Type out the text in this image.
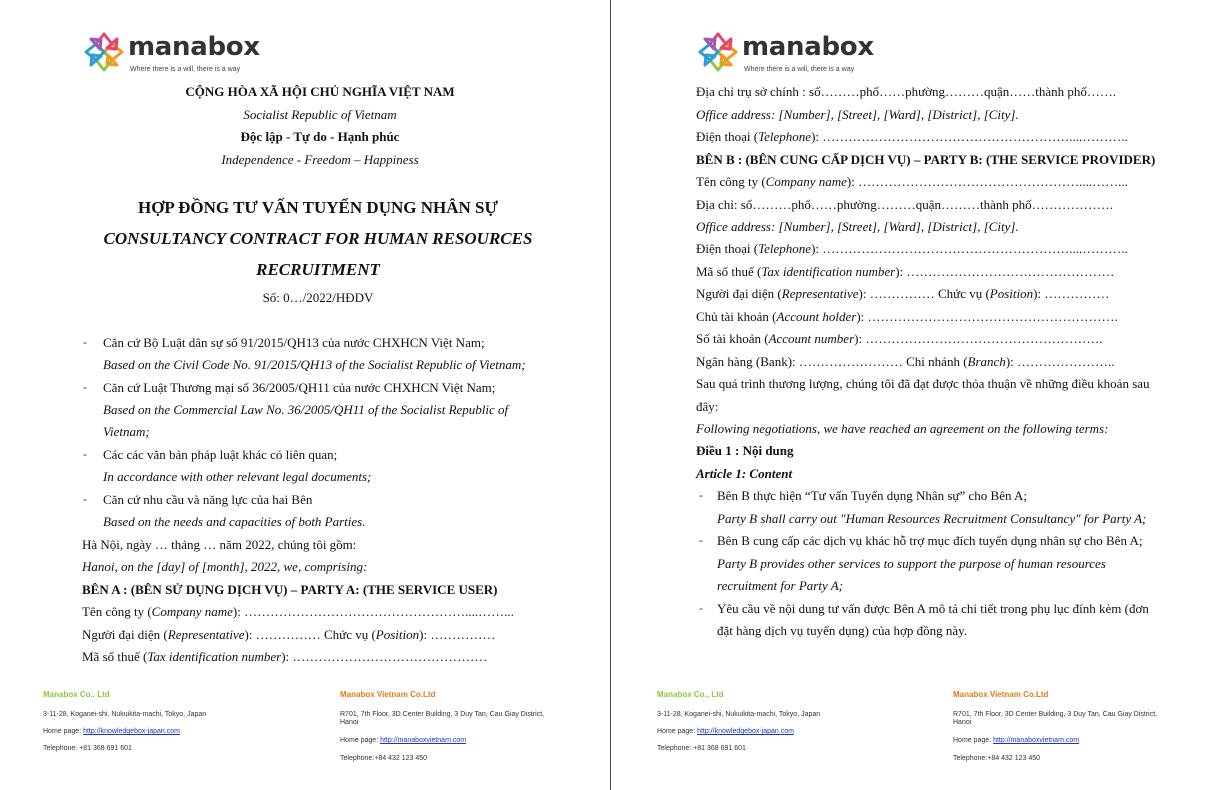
manabox
Where there is a will, there is a way
CỘNG HÒA XÃ HỘI CHỦ NGHĨA VIỆT NAM
Socialist Republic of Vietnam
Độc lập - Tự do - Hạnh phúc
Independence - Freedom – Happiness
HỢP ĐỒNG TƯ VẤN TUYỂN DỤNG NHÂN SỰ
CONSULTANCY CONTRACT FOR HUMAN RESOURCES
RECRUITMENT
Số: 0…/2022/HĐDV
- Căn cứ Bộ Luật dân sự số 91/2015/QH13 của nước CHXHCN Việt Nam;
Based on the Civil Code No. 91/2015/QH13 of the Socialist Republic of Vietnam;
- Căn cứ Luật Thương mại số 36/2005/QH11 của nước CHXHCN Việt Nam;
Based on the Commercial Law No. 36/2005/QH11 of the Socialist Republic of
Vietnam;
- Các các văn bản pháp luật khác có liên quan;
In accordance with other relevant legal documents;
- Căn cứ nhu cầu và năng lực của hai Bên
Based on the needs and capacities of both Parties.
Hà Nội, ngày … tháng … năm 2022, chúng tôi gồm:
Hanoi, on the [day] of [month], 2022, we, comprising:
BÊN A : (BÊN SỬ DỤNG DỊCH VỤ) – PARTY A: (THE SERVICE USER)
Tên công ty (Company name): ……………………………………………....……...
Người đại diện (Representative): …………… Chức vụ (Position): ……………
Mã số thuế (Tax identification number): ………………………………………
Manabox Co., Ltd
3-11-28, Koganei-shi, Nukuikita-machi, Tokyo, Japan
Home page: http://knowledgebox-japan.com
Telephone: +81 368 691 601
Manabox Vietnam Co.Ltd
R701, 7th Floor, 3D Center Building, 3 Duy Tan, Cau Giay District,
Hanoi
Home page: http://manaboxvietnam.com
Telephone:+84 432 123 450
manabox
Where there is a will, there is a way
Địa chỉ trụ sở chính : số………phố……phường………quận……thành phố…….
Office address: [Number], [Street], [Ward], [District], [City].
Điện thoại (Telephone): …………………………………………………....………..
BÊN B : (BÊN CUNG CẤP DỊCH VỤ) – PARTY B: (THE SERVICE PROVIDER)
Tên công ty (Company name): ……………………………………………....……...
Địa chỉ: số………phố……phường………quận………thành phố……………….
Office address: [Number], [Street], [Ward], [District], [City].
Điện thoại (Telephone): …………………………………………………....………..
Mã số thuế (Tax identification number): …………………………………………
Người đại diện (Representative): …………… Chức vụ (Position): ……………
Chủ tài khoản (Account holder): ………………………………………………….
Số tài khoản (Account number): ……………………………………………….
Ngân hàng (Bank): …………………… Chi nhánh (Branch): …………………..
Sau quá trình thương lượng, chúng tôi đã đạt được thỏa thuận về những điều khoản sau
đây:
Following negotiations, we have reached an agreement on the following terms:
Điều 1 : Nội dung
Article 1: Content
- Bên B thực hiện “Tư vấn Tuyển dụng Nhân sự” cho Bên A;
Party B shall carry out "Human Resources Recruitment Consultancy" for Party A;
- Bên B cung cấp các dịch vụ khác hỗ trợ mục đích tuyển dụng nhân sự cho Bên A;
Party B provides other services to support the purpose of human resources
recruitment for Party A;
- Yêu cầu về nội dung tư vấn được Bên A mô tả chi tiết trong phụ lục đính kèm (đơn
đặt hàng dịch vụ tuyển dụng) của hợp đồng này.
Manabox Co., Ltd
3-11-28, Koganei-shi, Nukuikita-machi, Tokyo, Japan
Home page: http://knowledgebox-japan.com
Telephone: +81 368 691 601
Manabox Vietnam Co.Ltd
R701, 7th Floor, 3D Center Building, 3 Duy Tan, Cau Giay District,
Hanoi
Home page: http://manaboxvietnam.com
Telephone:+84 432 123 450
